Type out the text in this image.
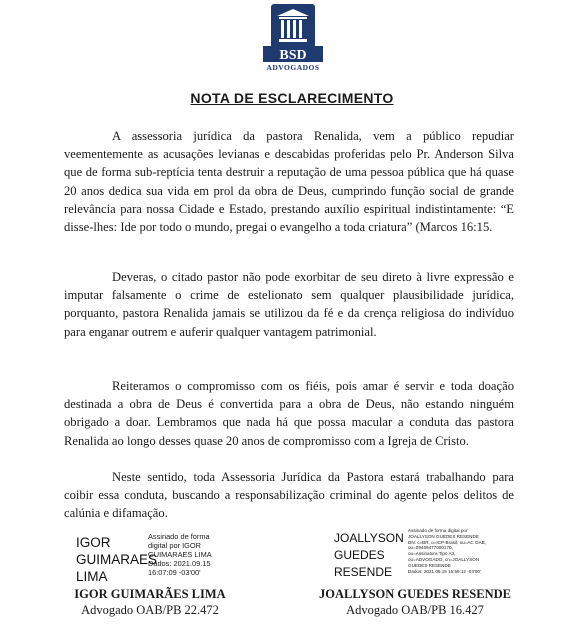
BSD
ADVOGADOS
NOTA DE ESCLARECIMENTO

A assessoria jurídica da pastora Renalida, vem a público repudiar veementemente as acusações levianas e descabidas proferidas pelo Pr. Anderson Silva que de forma sub-reptícia tenta destruir a reputação de uma pessoa pública que há quase 20 anos dedica sua vida em prol da obra de Deus, cumprindo função social de grande relevância para nossa Cidade e Estado, prestando auxílio espiritual indistintamente: “E disse-lhes: Ide por todo o mundo, pregai o evangelho a toda criatura” (Marcos 16:15.

Deveras, o citado pastor não pode exorbitar de seu direto à livre expressão e imputar falsamente o crime de estelionato sem qualquer plausibilidade jurídica, porquanto, pastora Renalida jamais se utilizou da fé e da crença religiosa do indivíduo para enganar outrem e auferir qualquer vantagem patrimonial.

Reiteramos o compromisso com os fiéis, pois amar é servir e toda doação destinada a obra de Deus é convertida para a obra de Deus, não estando ninguém obrigado a doar. Lembramos que nada há que possa macular a conduta das pastora Renalida ao longo desses quase 20 anos de compromisso com a Igreja de Cristo.

Neste sentido, toda Assessoria Jurídica da Pastora estará trabalhando para coibir essa conduta, buscando a responsabilização criminal do agente pelos delitos de calúnia e difamação.

IGOR
GUIMARAES
LIMA
Assinado de forma
digital por IGOR
GUIMARAES LIMA
Dados: 2021.09.15
16:07:09 -03'00'
JOALLYSON
GUEDES
RESENDE
Assinado de forma digital por
JOALLYSON GUEDES RESENDE
DN: c=BR, o=ICP-Brasil, ou=AC OAB,
ou=09469477000170,
ou=Assinatura Tipo A3,
ou=ADVOGADO, cn=JOALLYSON
GUEDES RESENDE
Dados: 2021.09.15 15:59:12 -03'00'
IGOR GUIMARÃES LIMA
Advogado OAB/PB 22.472
JOALLYSON GUEDES RESENDE
Advogado OAB/PB 16.427
